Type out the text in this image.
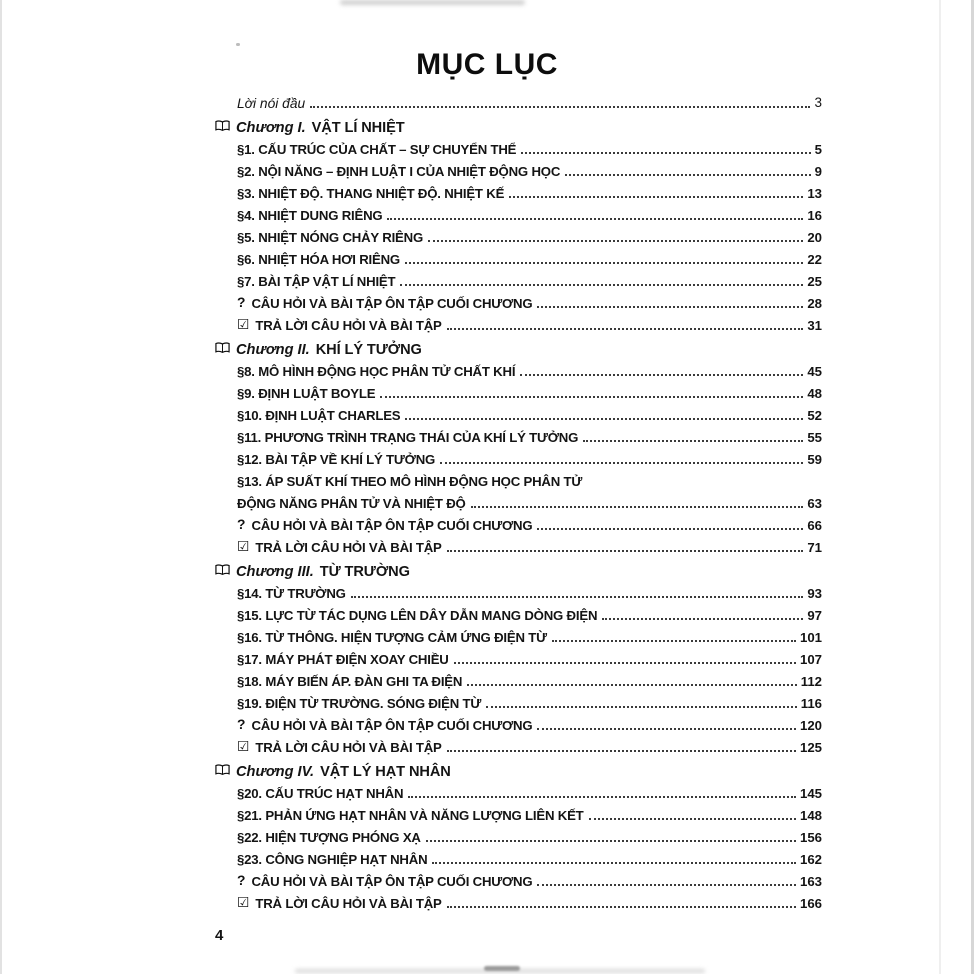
MỤC LỤC
Lời nói đầu	3
Chương I. VẬT LÍ NHIỆT
§1. CẤU TRÚC CỦA CHẤT – SỰ CHUYỂN THỂ	5
§2. NỘI NĂNG – ĐỊNH LUẬT I CỦA NHIỆT ĐỘNG HỌC	9
§3. NHIỆT ĐỘ. THANG NHIỆT ĐỘ. NHIỆT KẾ	13
§4. NHIỆT DUNG RIÊNG	16
§5. NHIỆT NÓNG CHẢY RIÊNG	20
§6. NHIỆT HÓA HƠI RIÊNG	22
§7. BÀI TẬP VẬT LÍ NHIỆT	25
? CÂU HỎI VÀ BÀI TẬP ÔN TẬP CUỐI CHƯƠNG	28
☑ TRẢ LỜI CÂU HỎI VÀ BÀI TẬP	31
Chương II. KHÍ LÝ TƯỞNG
§8. MÔ HÌNH ĐỘNG HỌC PHÂN TỬ CHẤT KHÍ	45
§9. ĐỊNH LUẬT BOYLE	48
§10. ĐỊNH LUẬT CHARLES	52
§11. PHƯƠNG TRÌNH TRẠNG THÁI CỦA KHÍ LÝ TƯỞNG	55
§12. BÀI TẬP VỀ KHÍ LÝ TƯỞNG	59
§13. ÁP SUẤT KHÍ THEO MÔ HÌNH ĐỘNG HỌC PHÂN TỬ
ĐỘNG NĂNG PHÂN TỬ VÀ NHIỆT ĐỘ	63
? CÂU HỎI VÀ BÀI TẬP ÔN TẬP CUỐI CHƯƠNG	66
☑ TRẢ LỜI CÂU HỎI VÀ BÀI TẬP	71
Chương III. TỪ TRƯỜNG
§14. TỪ TRƯỜNG	93
§15. LỰC TỪ TÁC DỤNG LÊN DÂY DẪN MANG DÒNG ĐIỆN	97
§16. TỪ THÔNG. HIỆN TƯỢNG CẢM ỨNG ĐIỆN TỪ	101
§17. MÁY PHÁT ĐIỆN XOAY CHIỀU	107
§18. MÁY BIẾN ÁP. ĐÀN GHI TA ĐIỆN	112
§19. ĐIỆN TỪ TRƯỜNG. SÓNG ĐIỆN TỪ	116
? CÂU HỎI VÀ BÀI TẬP ÔN TẬP CUỐI CHƯƠNG	120
☑ TRẢ LỜI CÂU HỎI VÀ BÀI TẬP	125
Chương IV. VẬT LÝ HẠT NHÂN
§20. CẤU TRÚC HẠT NHÂN	145
§21. PHẢN ỨNG HẠT NHÂN VÀ NĂNG LƯỢNG LIÊN KẾT	148
§22. HIỆN TƯỢNG PHÓNG XẠ	156
§23. CÔNG NGHIỆP HẠT NHÂN	162
? CÂU HỎI VÀ BÀI TẬP ÔN TẬP CUỐI CHƯƠNG	163
☑ TRẢ LỜI CÂU HỎI VÀ BÀI TẬP	166
4
